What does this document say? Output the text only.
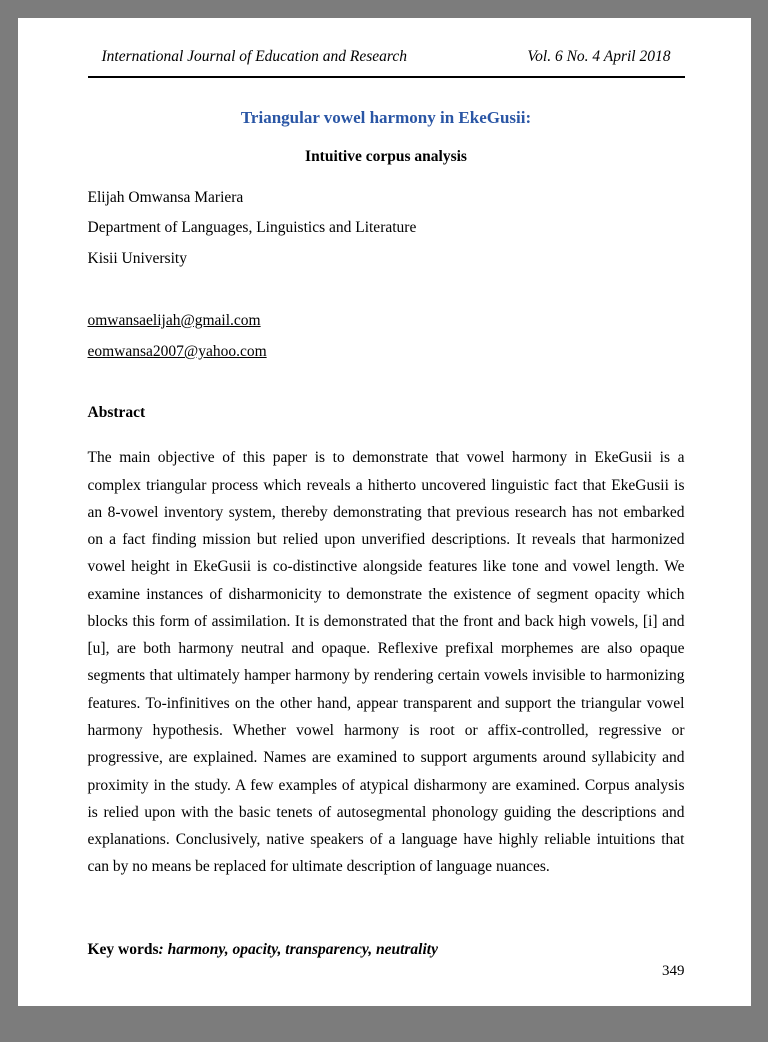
International Journal of Education and Research	Vol. 6 No. 4 April 2018
Triangular vowel harmony in EkeGusii:
Intuitive corpus analysis

Elijah Omwansa Mariera

Department of Languages, Linguistics and Literature

Kisii University

omwansaelijah@gmail.com

eomwansa2007@yahoo.com

Abstract

The main objective of this paper is to demonstrate that vowel harmony in EkeGusii is a complex triangular process which reveals a hitherto uncovered linguistic fact that EkeGusii is an 8-vowel inventory system, thereby demonstrating that previous research has not embarked on a fact finding mission but relied upon unverified descriptions. It reveals that harmonized vowel height in EkeGusii is co-distinctive alongside features like tone and vowel length. We examine instances of disharmonicity to demonstrate the existence of segment opacity which blocks this form of assimilation. It is demonstrated that the front and back high vowels, [i] and [u], are both harmony neutral and opaque. Reflexive prefixal morphemes are also opaque segments that ultimately hamper harmony by rendering certain vowels invisible to harmonizing features. To-infinitives on the other hand, appear transparent and support the triangular vowel harmony hypothesis. Whether vowel harmony is root or affix-controlled, regressive or progressive, are explained. Names are examined to support arguments around syllabicity and proximity in the study. A few examples of atypical disharmony are examined. Corpus analysis is relied upon with the basic tenets of autosegmental phonology guiding the descriptions and explanations. Conclusively, native speakers of a language have highly reliable intuitions that can by no means be replaced for ultimate description of language nuances.

Key words: harmony, opacity, transparency, neutrality

349
